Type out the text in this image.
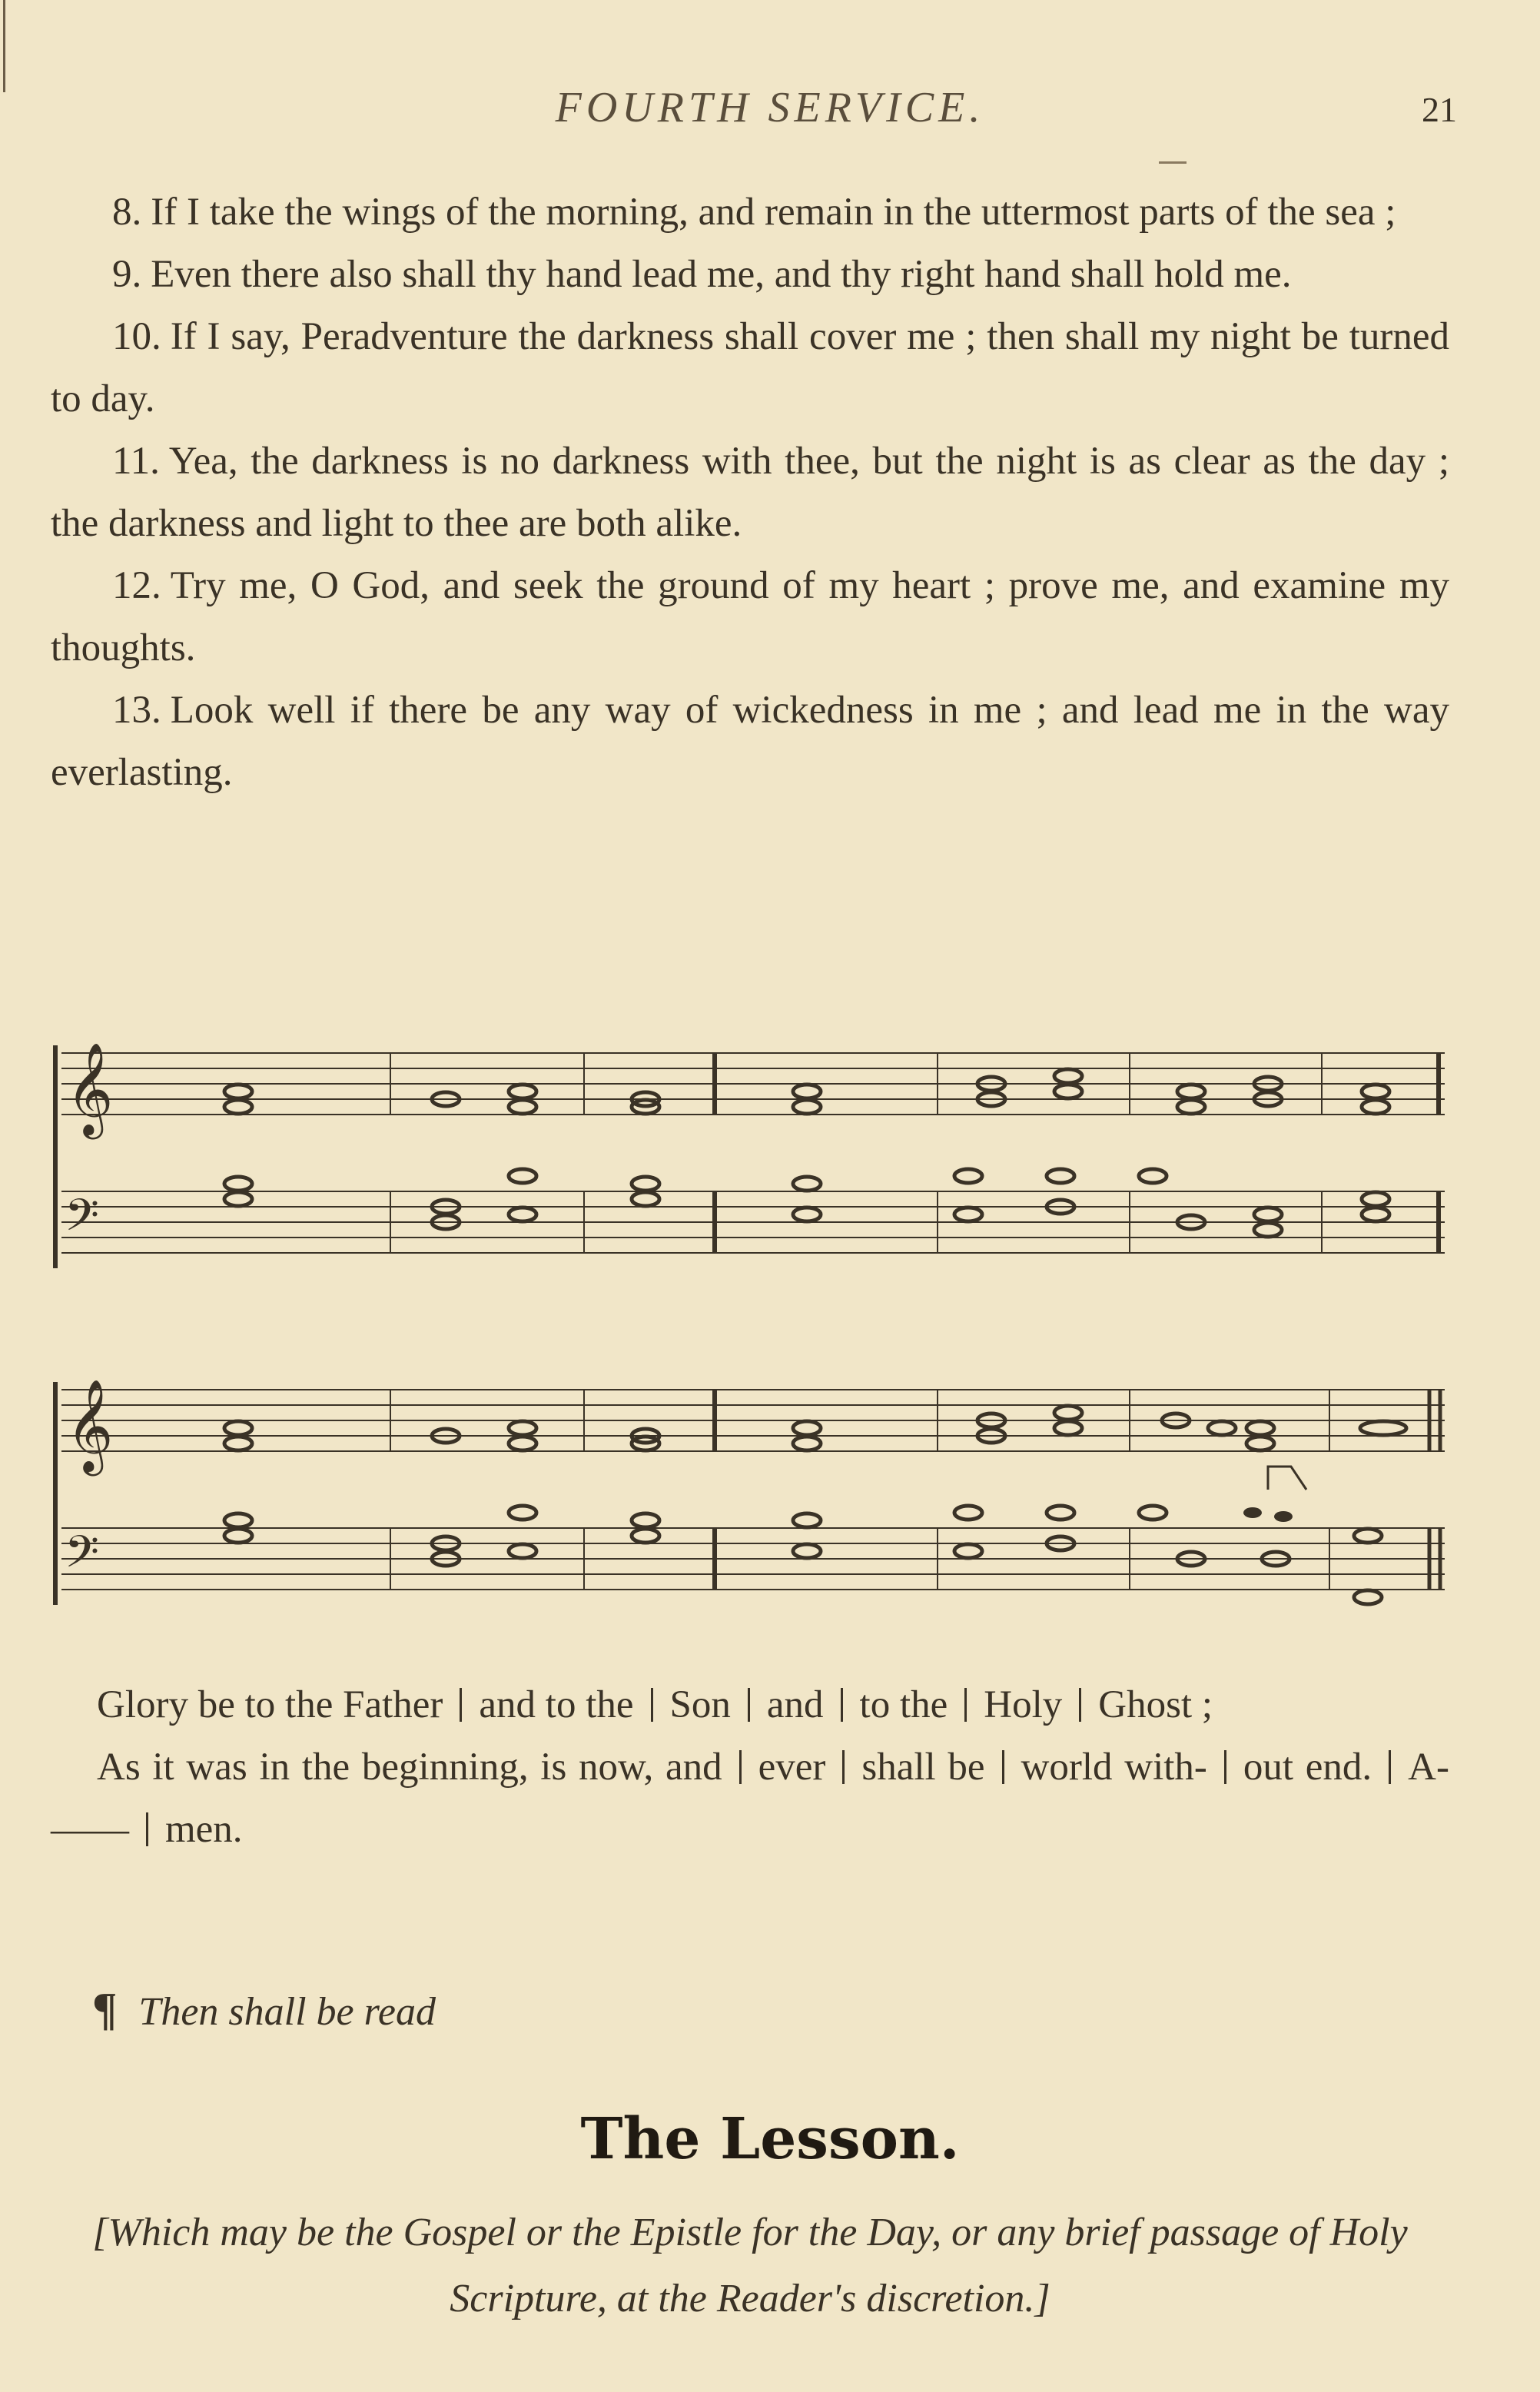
FOURTH SERVICE.	21

8. If I take the wings of the morning, and remain in the uttermost parts of the sea ;

9. Even there also shall thy hand lead me, and thy right hand shall hold me.

10. If I say, Peradventure the darkness shall cover me ; then shall my night be turned to day.

11. Yea, the darkness is no darkness with thee, but the night is as clear as the day ; the darkness and light to thee are both alike.

12. Try me, O God, and seek the ground of my heart ; prove me, and examine my thoughts.

13. Look well if there be any way of wickedness in me ; and lead me in the way everlasting.

𝄞
𝄢
𝄞
𝄢

Glory be to the Father and to the Son and to the Holy Ghost ;

As it was in the beginning, is now, and ever shall be world with- out end. A-—— men.

¶ Then shall be read
The Lesson.
[Which may be the Gospel or the Epistle for the Day, or any brief passage of Holy Scripture, at the Reader's discretion.]
